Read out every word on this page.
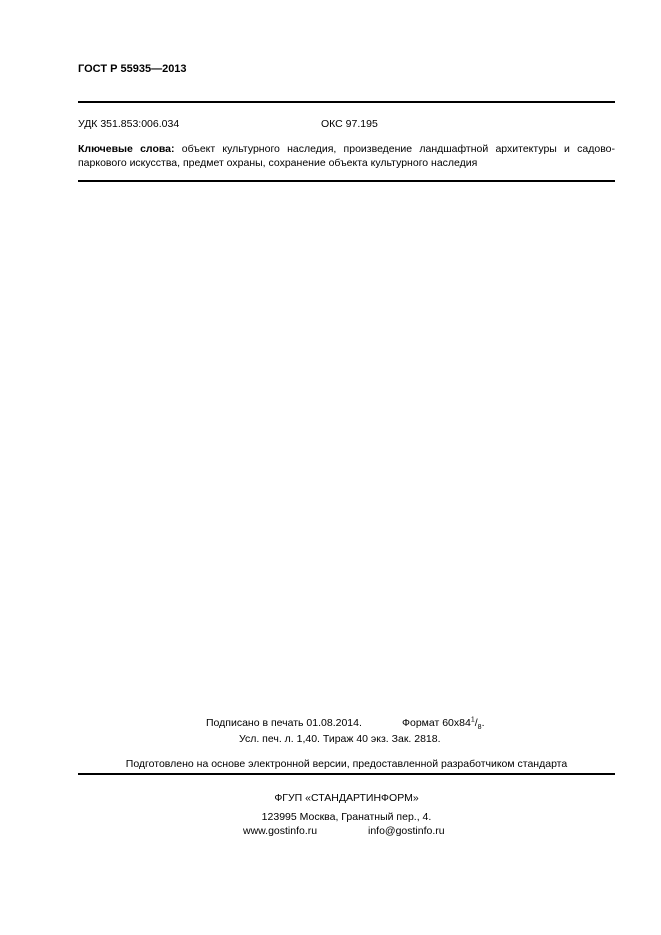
ГОСТ Р 55935—2013
УДК 351.853:006.034	ОКС 97.195
Ключевые слова: объект культурного наследия, произведение ландшафтной архитектуры и садово-паркового искусства, предмет охраны, сохранение объекта культурного наследия
Подписано в печать 01.08.2014.	Формат $60х84^1/_8$.
Усл. печ. л. 1,40. Тираж 40 экз. Зак. 2818.
Подготовлено на основе электронной версии, предоставленной разработчиком стандарта
ФГУП «СТАНДАРТИНФОРМ»
123995 Москва, Гранатный пер., 4.
www.gostinfo.ru	info@gostinfo.ru
